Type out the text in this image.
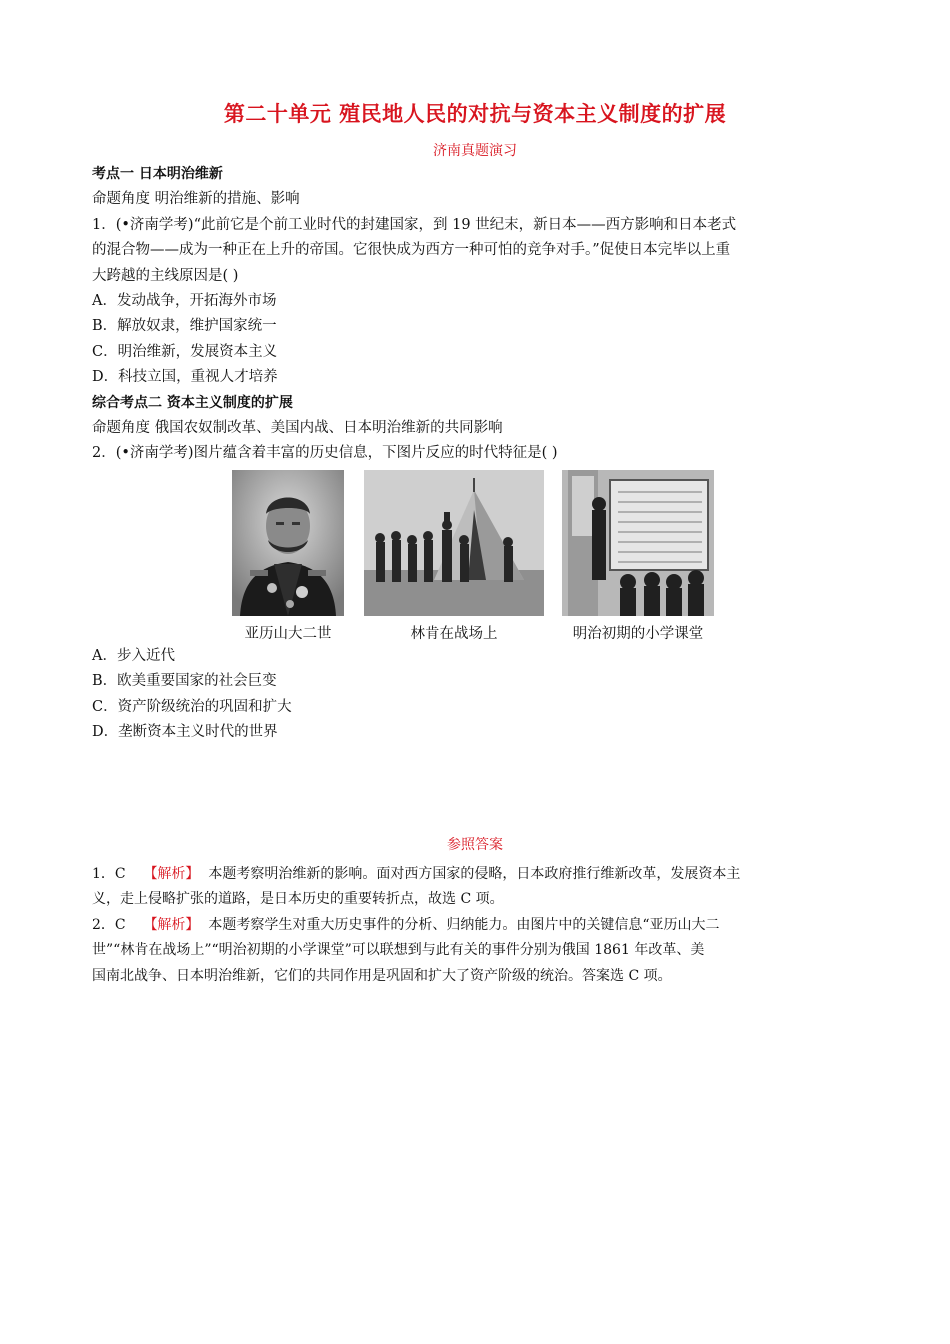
第二十单元 殖民地人民的对抗与资本主义制度的扩展
济南真题演习

考点一 日本明治维新

命题角度 明治维新的措施、影响

1．(•济南学考)“此前它是个前工业时代的封建国家，到 19 世纪末，新日本——西方影响和日本老式

的混合物——成为一种正在上升的帝国。它很快成为西方一种可怕的竞争对手。”促使日本完毕以上重

大跨越的主线原因是( )

A．发动战争，开拓海外市场

B．解放奴隶，维护国家统一

C．明治维新，发展资本主义

D．科技立国，重视人才培养

综合考点二 资本主义制度的扩展

命题角度 俄国农奴制改革、美国内战、日本明治维新的共同影响

2．(•济南学考)图片蕴含着丰富的历史信息，下图片反应的时代特征是( )

亚历山大二世	林肯在战场上	明治初期的小学课堂

A．步入近代

B．欧美重要国家的社会巨变

C．资产阶级统治的巩固和扩大

D．垄断资本主义时代的世界

参照答案

1．C 【解析】 本题考察明治维新的影响。面对西方国家的侵略，日本政府推行维新改革，发展资本主

义，走上侵略扩张的道路，是日本历史的重要转折点，故选 C 项。

2．C 【解析】 本题考察学生对重大历史事件的分析、归纳能力。由图片中的关键信息“亚历山大二

世”“林肯在战场上”“明治初期的小学课堂”可以联想到与此有关的事件分别为俄国 1861 年改革、美

国南北战争、日本明治维新，它们的共同作用是巩固和扩大了资产阶级的统治。答案选 C 项。
